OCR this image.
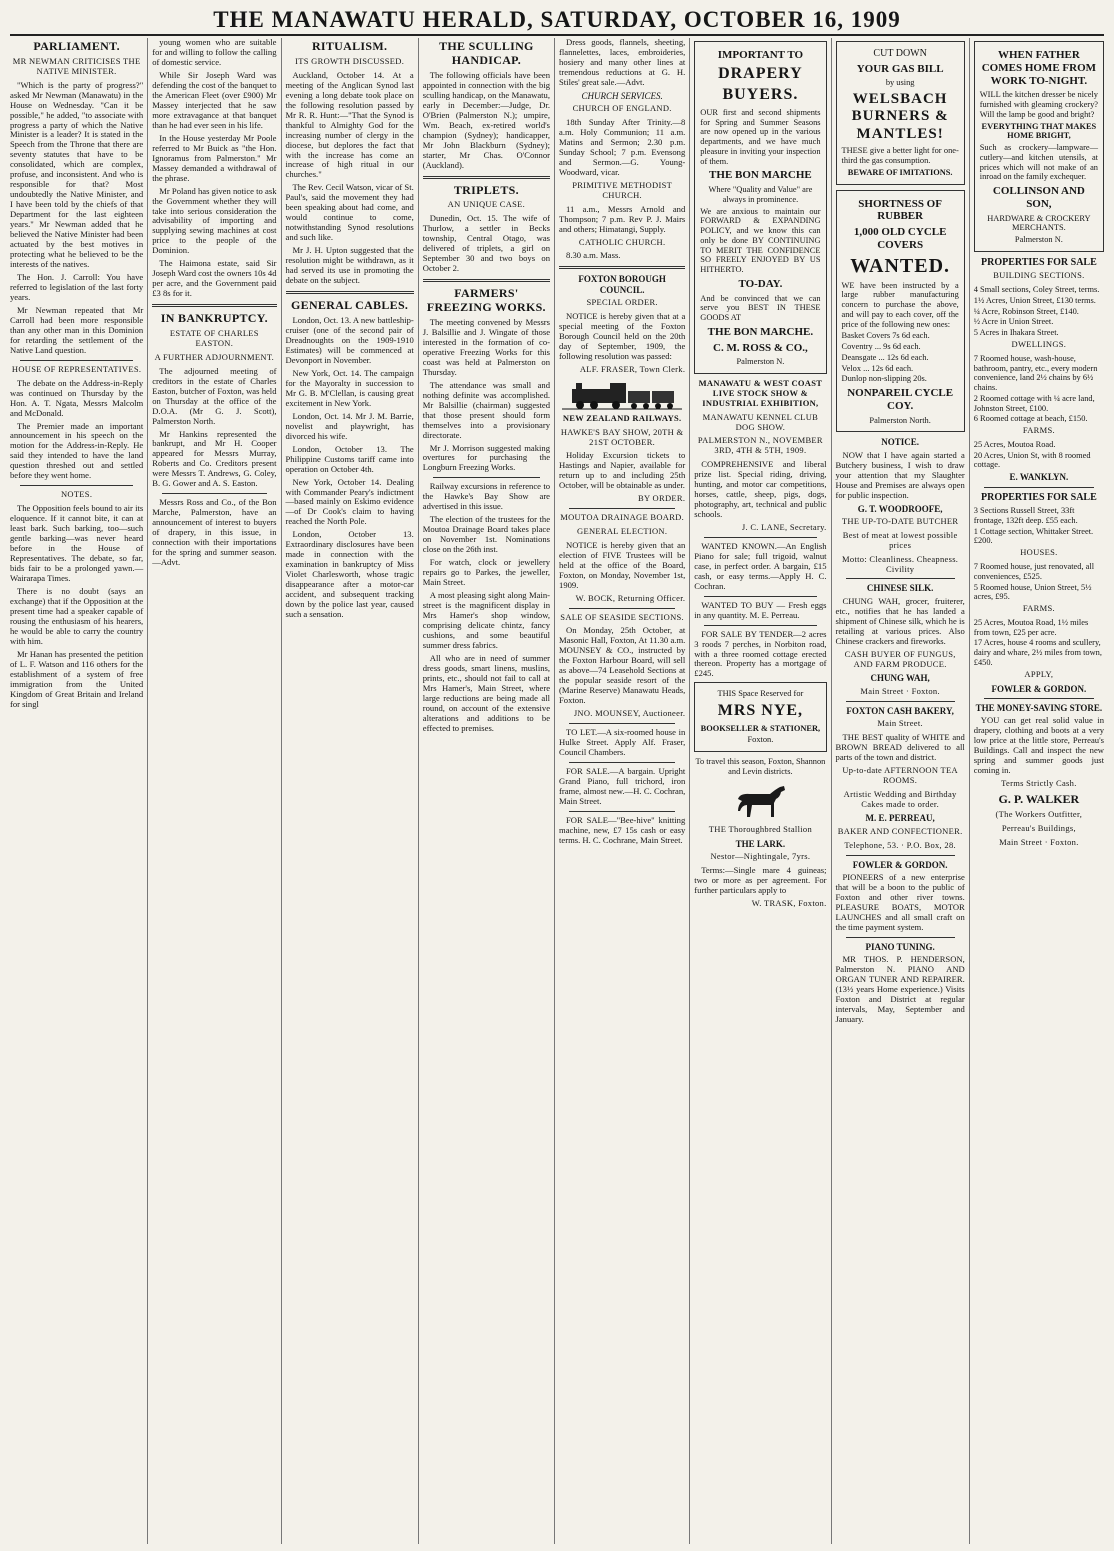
THE MANAWATU HERALD, SATURDAY, OCTOBER 16, 1909
PARLIAMENT.
MR NEWMAN CRITICISES THE NATIVE MINISTER.

"Which is the party of progress?" asked Mr Newman (Manawatu) in the House on Wednesday. "Can it be possible," he added, "to associate with progress a party of which the Native Minister is a leader? It is stated in the Speech from the Throne that there are seventy statutes that have to be consolidated, which are complex, profuse, and inconsistent. And who is responsible for that? Most undoubtedly the Native Minister, and I have been told by the chiefs of that Department for the last eighteen years." Mr Newman added that he believed the Native Minister had been actuated by the best motives in protecting what he believed to be the interests of the natives.

The Hon. J. Carroll: You have referred to legislation of the last forty years.

Mr Newman repeated that Mr Carroll had been more responsible than any other man in this Dominion for retarding the settlement of the Native Land question.

HOUSE OF REPRESENTATIVES.

The debate on the Address-in-Reply was continued on Thursday by the Hon. A. T. Ngata, Messrs Malcolm and McDonald.

The Premier made an important announcement in his speech on the motion for the Address-in-Reply. He said they intended to have the land question threshed out and settled before they went home.

NOTES.

The Opposition feels bound to air its eloquence. If it cannot bite, it can at least bark. Such barking, too—such gentle barking—was never heard before in the House of Representatives. The debate, so far, bids fair to be a prolonged yawn.—Wairarapa Times.

There is no doubt (says an exchange) that if the Opposition at the present time had a speaker capable of rousing the enthusiasm of his hearers, he would be able to carry the country with him.

Mr Hanan has presented the petition of L. F. Watson and 116 others for the establishment of a system of free immigration from the United Kingdom of Great Britain and Ireland for singl

young women who are suitable for and willing to follow the calling of domestic service.

While Sir Joseph Ward was defending the cost of the banquet to the American Fleet (over £900) Mr Massey interjected that he saw more extravagance at that banquet than he had ever seen in his life.

In the House yesterday Mr Poole referred to Mr Buick as "the Hon. Ignoramus from Palmerston." Mr Massey demanded a withdrawal of the phrase.

Mr Poland has given notice to ask the Government whether they will take into serious consideration the advisability of importing and supplying sewing machines at cost price to the people of the Dominion.

The Haimona estate, said Sir Joseph Ward cost the owners 10s 4d per acre, and the Government paid £3 8s for it.

IN BANKRUPTCY.
ESTATE OF CHARLES EASTON.
A FURTHER ADJOURNMENT.

The adjourned meeting of creditors in the estate of Charles Easton, butcher of Foxton, was held on Thursday at the office of the D.O.A. (Mr G. J. Scott), Palmerston North.

Mr Hankins represented the bankrupt, and Mr H. Cooper appeared for Messrs Murray, Roberts and Co. Creditors present were Messrs T. Andrews, G. Coley, B. G. Gower and A. S. Easton.

Messrs Ross and Co., of the Bon Marche, Palmerston, have an announcement of interest to buyers of drapery, in this issue, in connection with their importations for the spring and summer season.—Advt.

RITUALISM.
ITS GROWTH DISCUSSED.

Auckland, October 14. At a meeting of the Anglican Synod last evening a long debate took place on the following resolution passed by Mr R. R. Hunt:—"That the Synod is thankful to Almighty God for the increasing number of clergy in the diocese, but deplores the fact that with the increase has come an increase of high ritual in our churches."

The Rev. Cecil Watson, vicar of St. Paul's, said the movement they had been speaking about had come, and would continue to come, notwithstanding Synod resolutions and such like.

Mr J. H. Upton suggested that the resolution might be withdrawn, as it had served its use in promoting the debate on the subject.

GENERAL CABLES.

London, Oct. 13. A new battleship-cruiser (one of the second pair of Dreadnoughts on the 1909-1910 Estimates) will be commenced at Devonport in November.

New York, Oct. 14. The campaign for the Mayoralty in succession to Mr G. B. M'Clellan, is causing great excitement in New York.

London, Oct. 14. Mr J. M. Barrie, novelist and playwright, has divorced his wife.

London, October 13. The Philippine Customs tariff came into operation on October 4th.

New York, October 14. Dealing with Commander Peary's indictment—based mainly on Eskimo evidence—of Dr Cook's claim to having reached the North Pole.

London, October 13. Extraordinary disclosures have been made in connection with the examination in bankruptcy of Miss Violet Charlesworth, whose tragic disappearance after a motor-car accident, and subsequent tracking down by the police last year, caused such a sensation.

THE SCULLING HANDICAP.

The following officials have been appointed in connection with the big sculling handicap, on the Manawatu, early in December:—Judge, Dr. O'Brien (Palmerston N.); umpire, Wm. Beach, ex-retired world's champion (Sydney); handicapper, Mr John Blackburn (Sydney); starter, Mr Chas. O'Connor (Auckland).

TRIPLETS.
AN UNIQUE CASE.

Dunedin, Oct. 15. The wife of Thurlow, a settler in Becks township, Central Otago, was delivered of triplets, a girl on September 30 and two boys on October 2.

FARMERS' FREEZING WORKS.

The meeting convened by Messrs J. Balsillie and J. Wingate of those interested in the formation of co-operative Freezing Works for this coast was held at Palmerston on Thursday.

The attendance was small and nothing definite was accomplished. Mr Balsillie (chairman) suggested that those present should form themselves into a provisionary directorate.

Mr J. Morrison suggested making overtures for purchasing the Longburn Freezing Works.

Railway excursions in reference to the Hawke's Bay Show are advertised in this issue.

The election of the trustees for the Moutoa Drainage Board takes place on November 1st. Nominations close on the 26th inst.

For watch, clock or jewellery repairs go to Parkes, the jeweller, Main Street.

A most pleasing sight along Main-street is the magnificent display in Mrs Hamer's shop window, comprising delicate chintz, fancy cushions, and some beautiful summer dress fabrics.

All who are in need of summer dress goods, smart linens, muslins, prints, etc., should not fail to call at Mrs Hamer's, Main Street, where large reductions are being made all round, on account of the extensive alterations and additions to be effected to premises.

Dress goods, flannels, sheeting, flannelettes, laces, embroideries, hosiery and many other lines at tremendous reductions at G. H. Stiles' great sale.—Advt.

CHURCH SERVICES.
CHURCH OF ENGLAND.

18th Sunday After Trinity.—8 a.m. Holy Communion; 11 a.m. Matins and Sermon; 2.30 p.m. Sunday School; 7 p.m. Evensong and Sermon.—G. Young-Woodward, vicar.

PRIMITIVE METHODIST CHURCH.

11 a.m., Messrs Arnold and Thompson; 7 p.m. Rev P. J. Mairs and others; Himatangi, Supply.

CATHOLIC CHURCH.

8.30 a.m. Mass.

FOXTON BOROUGH COUNCIL.
SPECIAL ORDER.

NOTICE is hereby given that at a special meeting of the Foxton Borough Council held on the 20th day of September, 1909, the following resolution was passed:

ALF. FRASER, Town Clerk.
NEW ZEALAND RAILWAYS.
HAWKE'S BAY SHOW, 20TH & 21ST OCTOBER.

Holiday Excursion tickets to Hastings and Napier, available for return up to and including 25th October, will be obtainable as under.

BY ORDER.
MOUTOA DRAINAGE BOARD.
GENERAL ELECTION.

NOTICE is hereby given that an election of FIVE Trustees will be held at the office of the Board, Foxton, on Monday, November 1st, 1909.

W. BOCK, Returning Officer.
SALE OF SEASIDE SECTIONS.

On Monday, 25th October, at Masonic Hall, Foxton, At 11.30 a.m. MOUNSEY & CO., instructed by the Foxton Harbour Board, will sell as above—74 Leasehold Sections at the popular seaside resort of the (Marine Reserve) Manawatu Heads, Foxton.

JNO. MOUNSEY, Auctioneer.

TO LET.—A six-roomed house in Hulke Street. Apply Alf. Fraser, Council Chambers.

FOR SALE.—A bargain. Upright Grand Piano, full trichord, iron frame, almost new.—H. C. Cochran, Main Street.

FOR SALE—"Bee-hive" knitting machine, new, £7 15s cash or easy terms. H. C. Cochrane, Main Street.

IMPORTANT TO
DRAPERY
BUYERS.
OUR first and second shipments for Spring and Summer Seasons are now opened up in the various departments, and we have much pleasure in inviting your inspection of them.
THE BON MARCHE
Where "Quality and Value" are always in prominence.
We are anxious to maintain our FORWARD & EXPANDING POLICY, and we know this can only be done BY CONTINUING TO MERIT THE CONFIDENCE SO FREELY ENJOYED BY US HITHERTO.
TO-DAY.
And be convinced that we can serve you BEST IN THESE GOODS AT
THE BON MARCHE.
C. M. ROSS & CO.,
Palmerston N.
MANAWATU & WEST COAST LIVE STOCK SHOW & INDUSTRIAL EXHIBITION,
MANAWATU KENNEL CLUB DOG SHOW.
PALMERSTON N., NOVEMBER 3RD, 4TH & 5TH, 1909.

COMPREHENSIVE and liberal prize list. Special riding, driving, hunting, and motor car competitions, horses, cattle, sheep, pigs, dogs, photography, art, technical and public schools.

J. C. LANE, Secretary.

WANTED KNOWN.—An English Piano for sale; full trigoid, walnut case, in perfect order. A bargain, £15 cash, or easy terms.—Apply H. C. Cochran.

WANTED TO BUY — Fresh eggs in any quantity. M. E. Perreau.

FOR SALE BY TENDER—2 acres 3 roods 7 perches, in Norbiton road, with a three roomed cottage erected thereon. Property has a mortgage of £245.

THIS Space Reserved for
MRS NYE,
BOOKSELLER & STATIONER,
Foxton.
To travel this season, Foxton, Shannon and Levin districts.
THE Thoroughbred Stallion
THE LARK.
Nestor—Nightingale, 7yrs.

Terms:—Single mare 4 guineas; two or more as per agreement. For further particulars apply to

W. TRASK, Foxton.
CUT DOWN
YOUR GAS BILL
by using
WELSBACH BURNERS & MANTLES!
THESE give a better light for one-third the gas consumption.
BEWARE OF IMITATIONS.
SHORTNESS OF RUBBER
1,000 OLD CYCLE COVERS
WANTED.
WE have been instructed by a large rubber manufacturing concern to purchase the above, and will pay to each cover, off the price of the following new ones:
Basket Covers 7s 6d each.
Coventry ... 9s 6d each.
Deansgate ... 12s 6d each.
Velox ... 12s 6d each.
Dunlop non-slipping 20s.
NONPAREIL CYCLE COY.
Palmerston North.
NOTICE.

NOW that I have again started a Butchery business, I wish to draw your attention that my Slaughter House and Premises are always open for public inspection.

G. T. WOODROOFE,
THE UP-TO-DATE BUTCHER
Best of meat at lowest possible prices
Motto: Cleanliness. Cheapness. Civility
CHINESE SILK.

CHUNG WAH, grocer, fruiterer, etc., notifies that he has landed a shipment of Chinese silk, which he is retailing at various prices. Also Chinese crackers and fireworks.

CASH BUYER OF FUNGUS, AND FARM PRODUCE.
CHUNG WAH,
Main Street · Foxton.
FOXTON CASH BAKERY,
Main Street.

THE BEST quality of WHITE and BROWN BREAD delivered to all parts of the town and district.

Up-to-date AFTERNOON TEA ROOMS.
Artistic Wedding and Birthday Cakes made to order.
M. E. PERREAU,
BAKER AND CONFECTIONER.
Telephone, 53. · P.O. Box, 28.
FOWLER & GORDON.

PIONEERS of a new enterprise that will be a boon to the public of Foxton and other river towns. PLEASURE BOATS, MOTOR LAUNCHES and all small craft on the time payment system.

PIANO TUNING.

MR THOS. P. HENDERSON, Palmerston N. PIANO AND ORGAN TUNER AND REPAIRER. (13½ years Home experience.) Visits Foxton and District at regular intervals, May, September and January.

WHEN FATHER COMES HOME FROM WORK TO-NIGHT.
WILL the kitchen dresser be nicely furnished with gleaming crockery? Will the lamp be good and bright?
EVERYTHING THAT MAKES HOME BRIGHT,
Such as crockery—lampware—cutlery—and kitchen utensils, at prices which will not make of an inroad on the family exchequer.
COLLINSON AND SON,
HARDWARE & CROCKERY MERCHANTS.
Palmerston N.
PROPERTIES FOR SALE
BUILDING SECTIONS.
4 Small sections, Coley Street, terms.
1½ Acres, Union Street, £130 terms.
¼ Acre, Robinson Street, £140.
½ Acre in Union Street.
5 Acres in Ihakara Street.
DWELLINGS.
7 Roomed house, wash-house, bathroom, pantry, etc., every modern convenience, land 2½ chains by 6½ chains.
2 Roomed cottage with ¼ acre land, Johnston Street, £100.
6 Roomed cottage at beach, £150.
FARMS.
25 Acres, Moutoa Road.
20 Acres, Union St, with 8 roomed cottage.
E. WANKLYN.
PROPERTIES FOR SALE
3 Sections Russell Street, 33ft frontage, 132ft deep. £55 each.
1 Cottage section, Whittaker Street. £200.
HOUSES.
7 Roomed house, just renovated, all conveniences, £525.
5 Roomed house, Union Street, 5½ acres, £95.
FARMS.
25 Acres, Moutoa Road, 1½ miles from town, £25 per acre.
17 Acres, house 4 rooms and scullery, dairy and whare, 2½ miles from town, £450.
APPLY,
FOWLER & GORDON.
THE MONEY-SAVING STORE.

YOU can get real solid value in drapery, clothing and boots at a very low price at the little store, Perreau's Buildings. Call and inspect the new spring and summer goods just coming in.

Terms Strictly Cash.
G. P. WALKER
(The Workers Outfitter,
Perreau's Buildings,
Main Street · Foxton.
